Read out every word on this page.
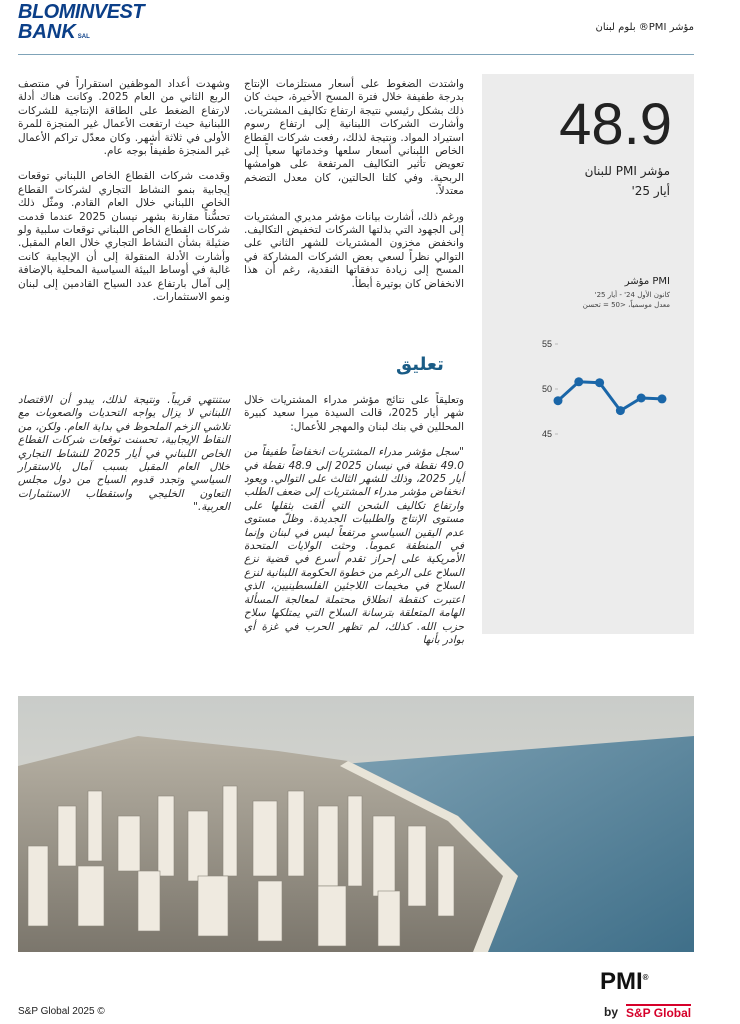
BLOMINVEST
BANK SAL
مؤشر PMI® بلوم لبنان
48.9
مؤشر PMI للبنان
أيار 25'
PMI مؤشر
كانون الأول 24' - أيار 25'
معدل موسمياً، <50 = تحسن
55
50
45

واشتدت الضغوط على أسعار مستلزمات الإنتاج بدرجة طفيفة خلال فترة المسح الأخيرة، حيث كان ذلك بشكل رئيسي نتيجة ارتفاع تكاليف المشتريات. وأشارت الشركات اللبنانية إلى ارتفاع رسوم استيراد المواد. ونتيجة لذلك، رفعت شركات القطاع الخاص اللبناني أسعار سلعها وخدماتها سعياً إلى تعويض تأثير التكاليف المرتفعة على هوامشها الربحية. وفي كلتا الحالتين، كان معدل التضخم معتدلاً.

ورغم ذلك، أشارت بيانات مؤشر مديري المشتريات إلى الجهود التي بذلتها الشركات لتخفيض التكاليف. وانخفض مخزون المشتريات للشهر الثاني على التوالي نظراً لسعي بعض الشركات المشاركة في المسح إلى زيادة تدفقاتها النقدية، رغم أن هذا الانخفاض كان بوتيرة أبطأ.

تعليق

وتعليقاً على نتائج مؤشر مدراء المشتريات خلال شهر أيار 2025، قالت السيدة ميرا سعيد كبيرة المحللين في بنك لبنان والمهجر للأعمال:

"سجل مؤشر مدراء المشتريات انخفاضاً طفيفاً من 49.0 نقطة في نيسان 2025 إلى 48.9 نقطة في أيار 2025، وذلك للشهر الثالث على التوالي. ويعود انخفاض مؤشر مدراء المشتريات إلى ضعف الطلب وارتفاع تكاليف الشحن التي ألقت بثقلها على مستوى الإنتاج والطلبيات الجديدة. وظلّ مستوى عدم اليقين السياسي مرتفعاً ليس في لبنان وإنما في المنطقة عموماً. وحثت الولايات المتحدة الأمريكية على إحراز تقدم أسرع في قضية نزع السلاح على الرغم من خطوة الحكومة اللبنانية لنزع السلاح في مخيمات اللاجئين الفلسطينيين، الذي اعتبرت كنقطة انطلاق محتملة لمعالجة المسألة الهامة المتعلقة بترسانة السلاح التي يمتلكها سلاح حزب الله. كذلك، لم تظهر الحرب في غزة أي بوادر بأنها

وشهدت أعداد الموظفين استقراراً في منتصف الربع الثاني من العام 2025. وكانت هناك أدلة لارتفاع الضغط على الطاقة الإنتاجية للشركات اللبنانية حيث ارتفعت الأعمال غير المنجزة للمرة الأولى في ثلاثة أشهر. وكان معدّل تراكم الأعمال غير المنجزة طفيفاً بوجه عام.

وقدمت شركات القطاع الخاص اللبناني توقعات إيجابية بنمو النشاط التجاري لشركات القطاع الخاص اللبناني خلال العام القادم. ومثّل ذلك تحسُّناً مقارنة بشهر نيسان 2025 عندما قدمت شركات القطاع الخاص اللبناني توقعات سلبية ولو ضئيلة بشأن النشاط التجاري خلال العام المقبل. وأشارت الأدلة المنقولة إلى أن الإيجابية كانت غالبة في أوساط البيئة السياسية المحلية بالإضافة إلى آمال بارتفاع عدد السياح القادمين إلى لبنان ونمو الاستثمارات.

ستنتهي قريباً. ونتيجة لذلك، يبدو أن الاقتصاد اللبناني لا يزال يواجه التحديات والصعوبات مع تلاشي الزخم الملحوظ في بداية العام. ولكن، من النقاط الإيجابية، تحسنت توقعات شركات القطاع الخاص اللبناني في أيار 2025 للنشاط التجاري خلال العام المقبل بسبب آمال بالاستقرار السياسي وتجدد قدوم السياح من دول مجلس التعاون الخليجي واستقطاب الاستثمارات العربية."
S&P Global 2025 ©
PMI®
by S&P Global
